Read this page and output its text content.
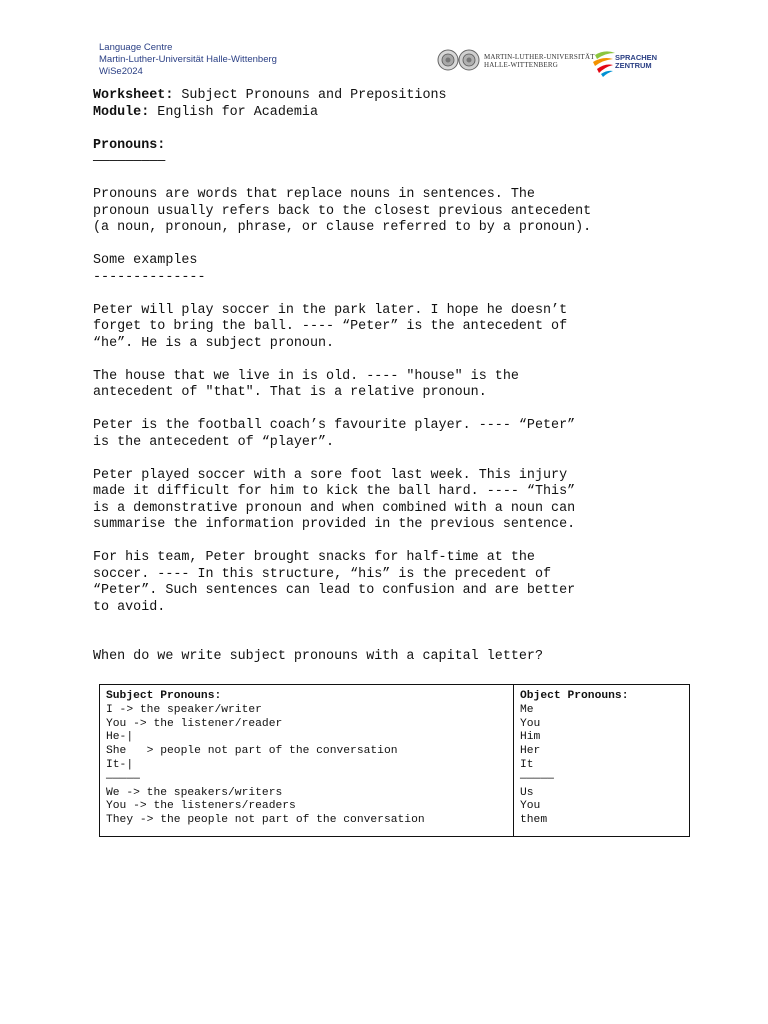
Language Centre
Martin-Luther-Universität Halle-Wittenberg
WiSe2024
MARTIN-LUTHER-UNIVERSITÄT
HALLE-WITTENBERG
SPRACHEN
ZENTRUM
Worksheet: Subject Pronouns and Prepositions
Module: English for Academia
Pronouns:
―――――――――
Pronouns are words that replace nouns in sentences. The
pronoun usually refers back to the closest previous antecedent
(a noun, pronoun, phrase, or clause referred to by a pronoun).
Some examples
--------------
Peter will play soccer in the park later. I hope he doesn’t
forget to bring the ball. ---- “Peter” is the antecedent of
“he”. He is a subject pronoun.
The house that we live in is old. ---- "house" is the
antecedent of "that". That is a relative pronoun.
Peter is the football coach’s favourite player. ---- “Peter”
is the antecedent of “player”.
Peter played soccer with a sore foot last week. This injury
made it difficult for him to kick the ball hard. ---- “This”
is a demonstrative pronoun and when combined with a noun can
summarise the information provided in the previous sentence.
For his team, Peter brought snacks for half-time at the
soccer. ---- In this structure, “his” is the precedent of
“Peter”. Such sentences can lead to confusion and are better
to avoid.
When do we write subject pronouns with a capital letter?
Subject Pronouns:
I -> the speaker/writer
You -> the listener/reader
He-|
She   > people not part of the conversation
It-|
―――――
We -> the speakers/writers
You -> the listeners/readers
They -> the people not part of the conversation
Object Pronouns:
Me
You
Him
Her
It
―――――
Us
You
them
